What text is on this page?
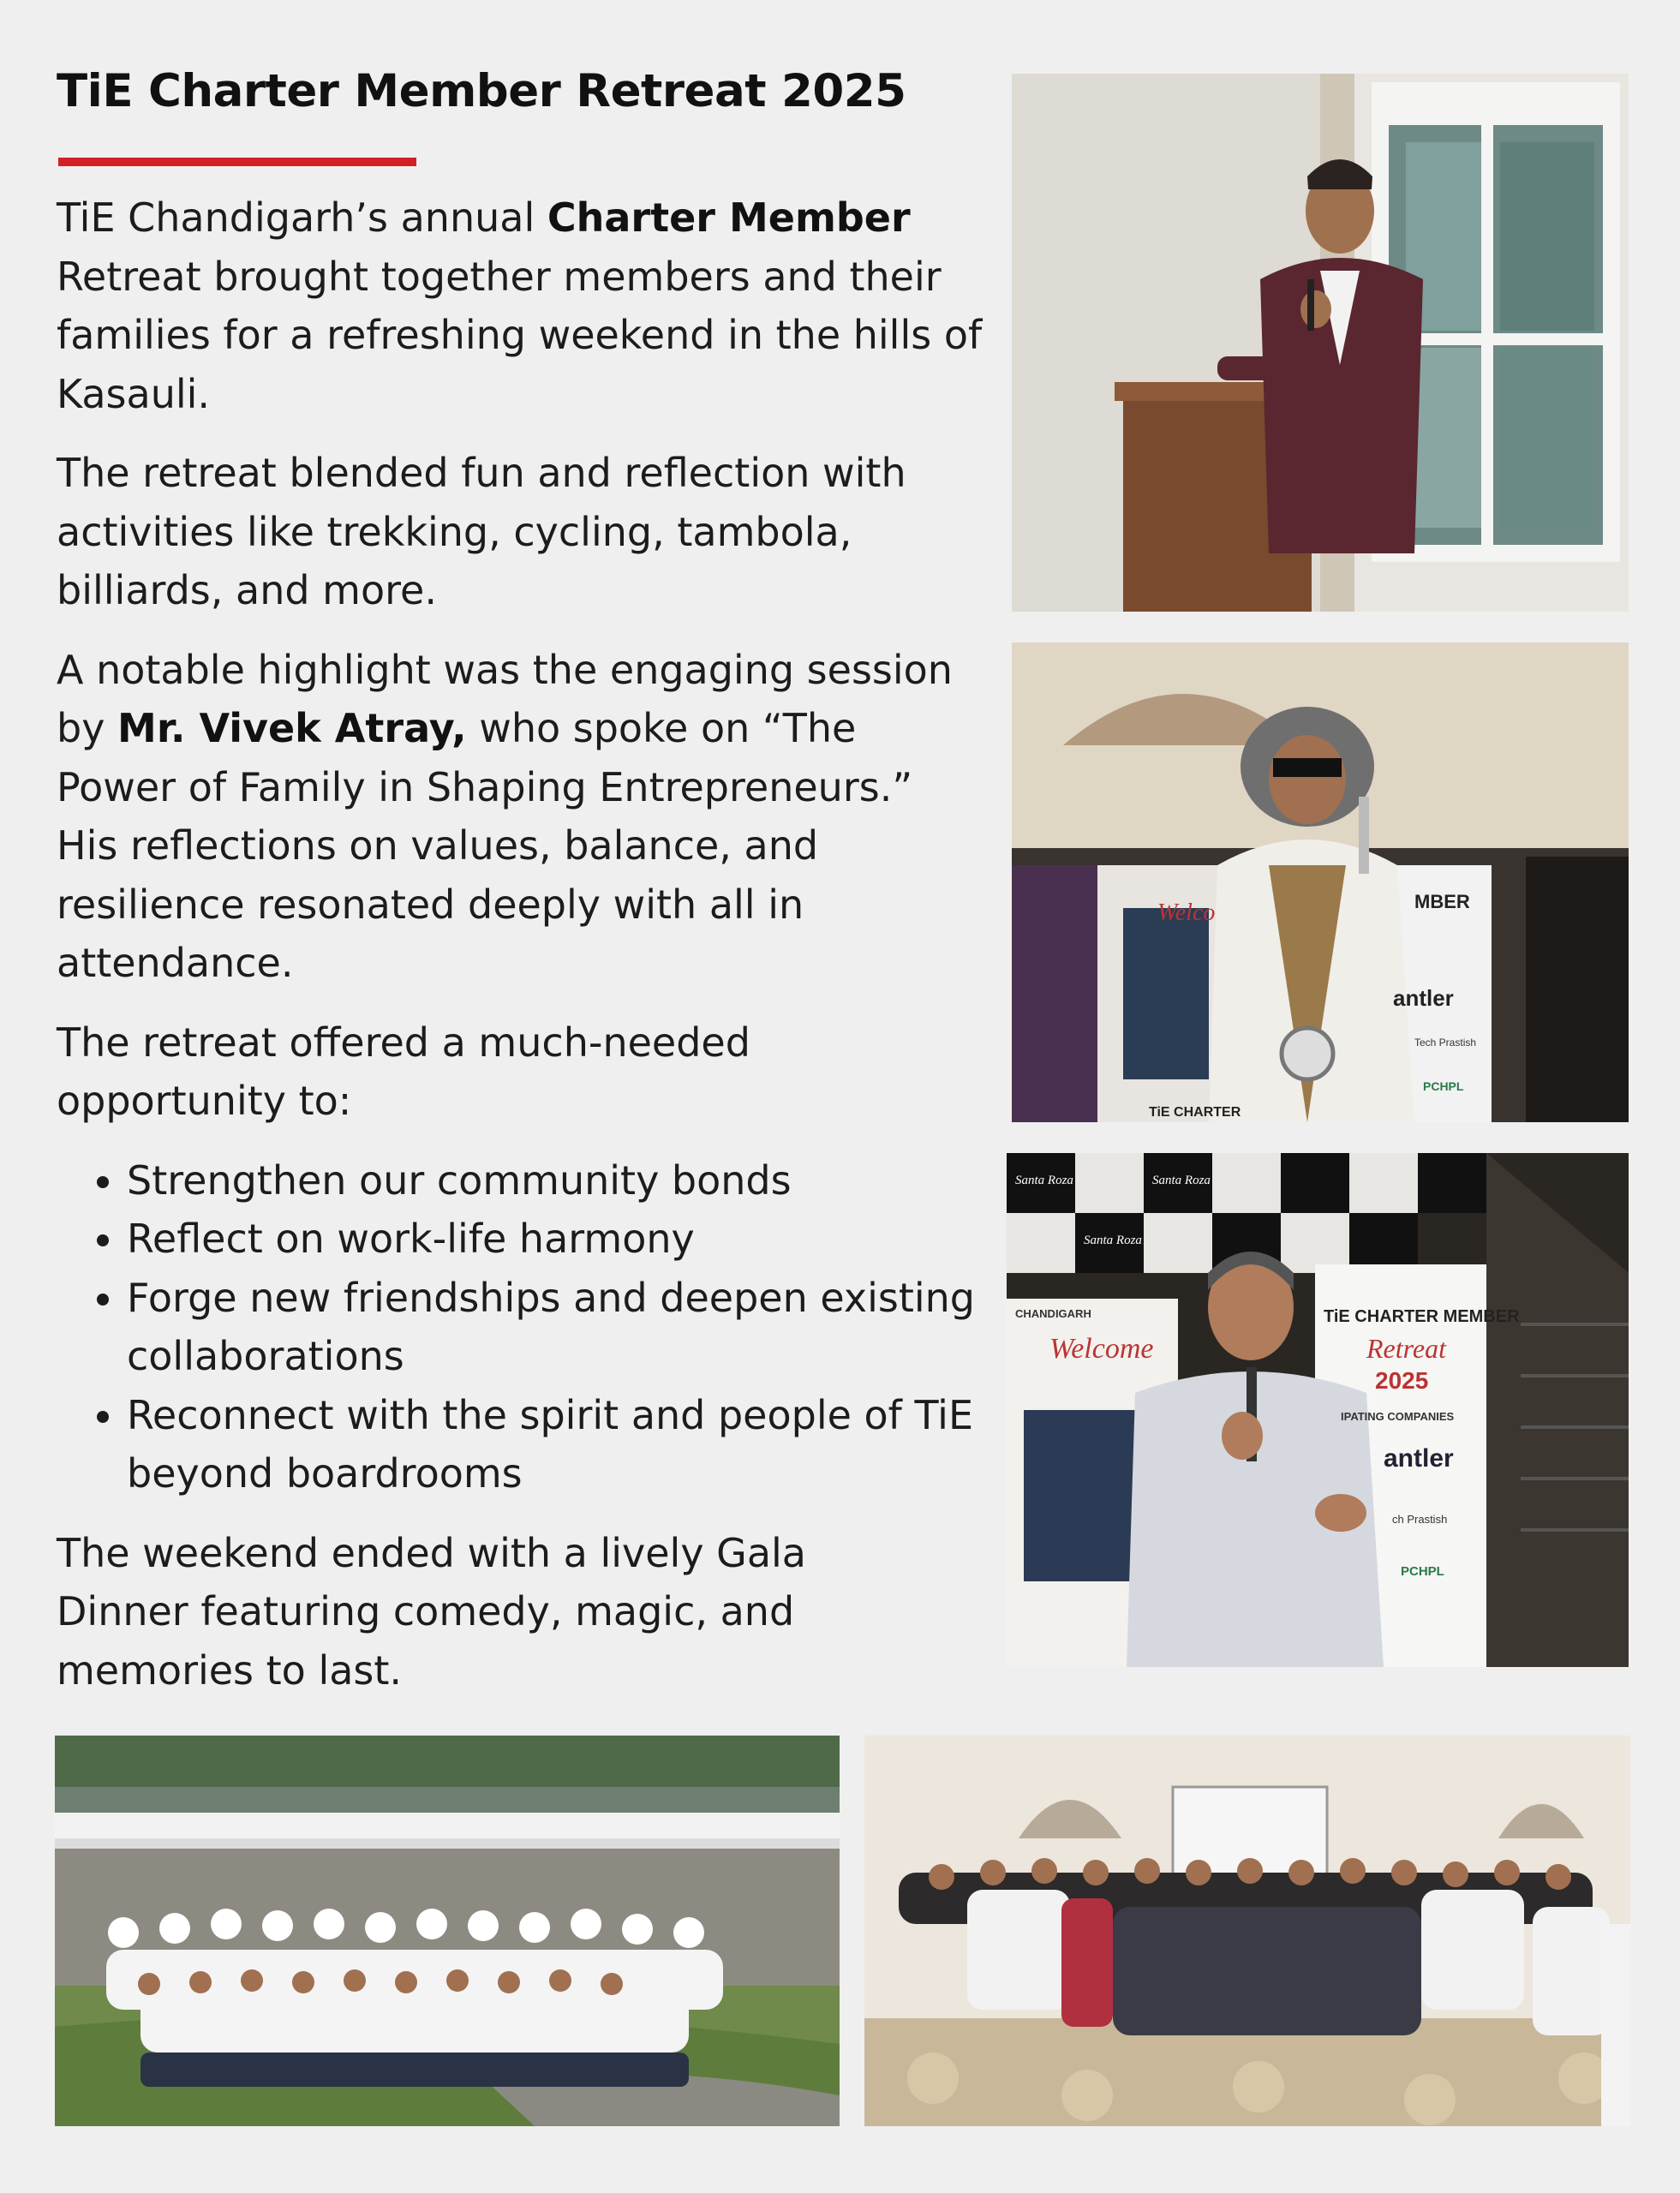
TiE Charter Member Retreat 2025

TiE Chandigarh’s annual Charter Member Retreat brought together members and their families for a refreshing weekend in the hills of Kasauli.

The retreat blended fun and reflection with activities like trekking, cycling, tambola, billiards, and more.

A notable highlight was the engaging session by Mr. Vivek Atray, who spoke on “The Power of Family in Shaping Entrepreneurs.” His reflections on values, balance, and resilience resonated deeply with all in attendance.

The retreat offered a much-needed opportunity to:

• Strengthen our community bonds
• Reflect on work-life harmony
• Forge new friendships and deepen existing collaborations
• Reconnect with the spirit and people of TiE beyond boardrooms

The weekend ended with a lively Gala Dinner featuring comedy, magic, and memories to last.

Welco	MBER
antler
Tech Prastish
PCHPL
TiE CHARTER
Santa Roza	Santa Roza
Santa Roza
CHANDIGARH
Welcome
TiE CHARTER MEMBER
Retreat
2025
IPATING COMPANIES
antler
ch Prastish
PCHPL
